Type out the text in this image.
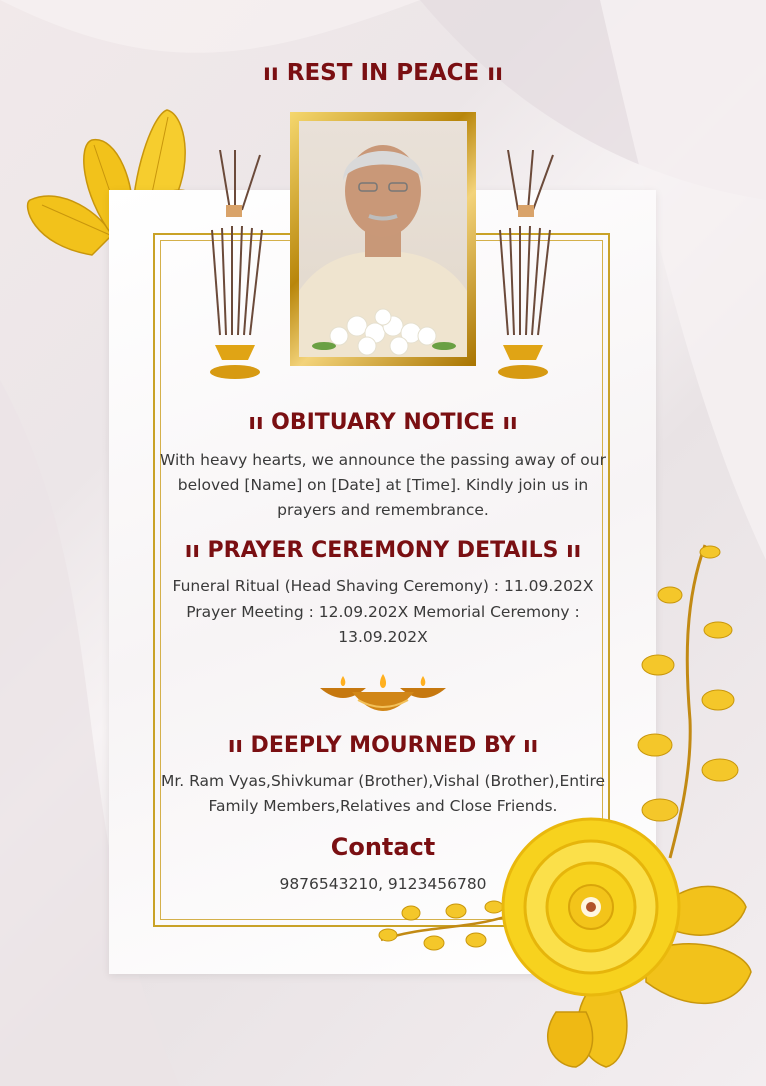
ıı REST IN PEACE ıı
ıı OBITUARY NOTICE ıı
With heavy hearts, we announce the passing away of our
beloved [Name] on [Date] at [Time]. Kindly join us in
prayers and remembrance.
ıı PRAYER CEREMONY DETAILS ıı
Funeral Ritual (Head Shaving Ceremony) : 11.09.202X
Prayer Meeting : 12.09.202X Memorial Ceremony :
13.09.202X
ıı DEEPLY MOURNED BY ıı
Mr. Ram Vyas,Shivkumar (Brother),Vishal (Brother),Entire
Family Members,Relatives and Close Friends.
Contact
9876543210, 9123456780
